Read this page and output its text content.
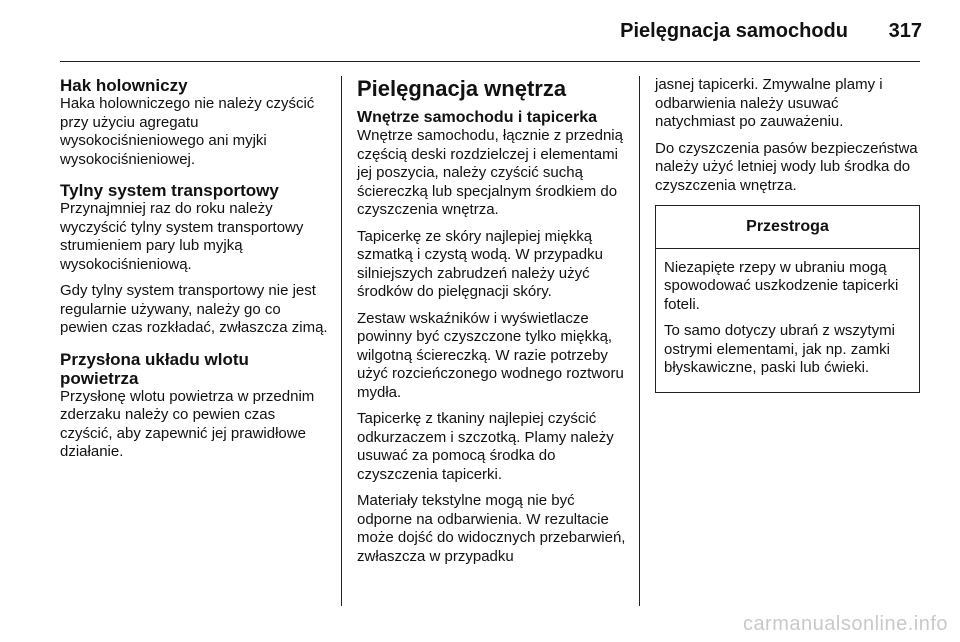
Pielęgnacja samochodu 317
Hak holowniczy

Haka holowniczego nie należy czyścić przy użyciu agregatu wysokociśnieniowego ani myjki wysokociśnieniowej.

Tylny system transportowy

Przynajmniej raz do roku należy wyczyścić tylny system transportowy strumieniem pary lub myjką wysokociśnieniową.

Gdy tylny system transportowy nie jest regularnie używany, należy go co pewien czas rozkładać, zwłaszcza zimą.

Przysłona układu wlotu powietrza

Przysłonę wlotu powietrza w przednim zderzaku należy co pewien czas czyścić, aby zapewnić jej prawidłowe działanie.

Pielęgnacja wnętrza
Wnętrze samochodu i tapicerka

Wnętrze samochodu, łącznie z przednią częścią deski rozdzielczej i elementami jej poszycia, należy czyścić suchą ściereczką lub specjalnym środkiem do czyszczenia wnętrza.

Tapicerkę ze skóry najlepiej miękką szmatką i czystą wodą. W przypadku silniejszych zabrudzeń należy użyć środków do pielęgnacji skóry.

Zestaw wskaźników i wyświetlacze powinny być czyszczone tylko miękką, wilgotną ściereczką. W razie potrzeby użyć rozcieńczonego wodnego roztworu mydła.

Tapicerkę z tkaniny najlepiej czyścić odkurzaczem i szczotką. Plamy należy usuwać za pomocą środka do czyszczenia tapicerki.

Materiały tekstylne mogą nie być odporne na odbarwienia. W rezultacie może dojść do widocznych przebarwień, zwłaszcza w przypadku

jasnej tapicerki. Zmywalne plamy i odbarwienia należy usuwać natychmiast po zauważeniu.

Do czyszczenia pasów bezpieczeństwa należy użyć letniej wody lub środka do czyszczenia wnętrza.

Przestroga

Niezapięte rzepy w ubraniu mogą spowodować uszkodzenie tapicerki foteli.

To samo dotyczy ubrań z wszytymi ostrymi elementami, jak np. zamki błyskawiczne, paski lub ćwieki.

carmanualsonline.info
